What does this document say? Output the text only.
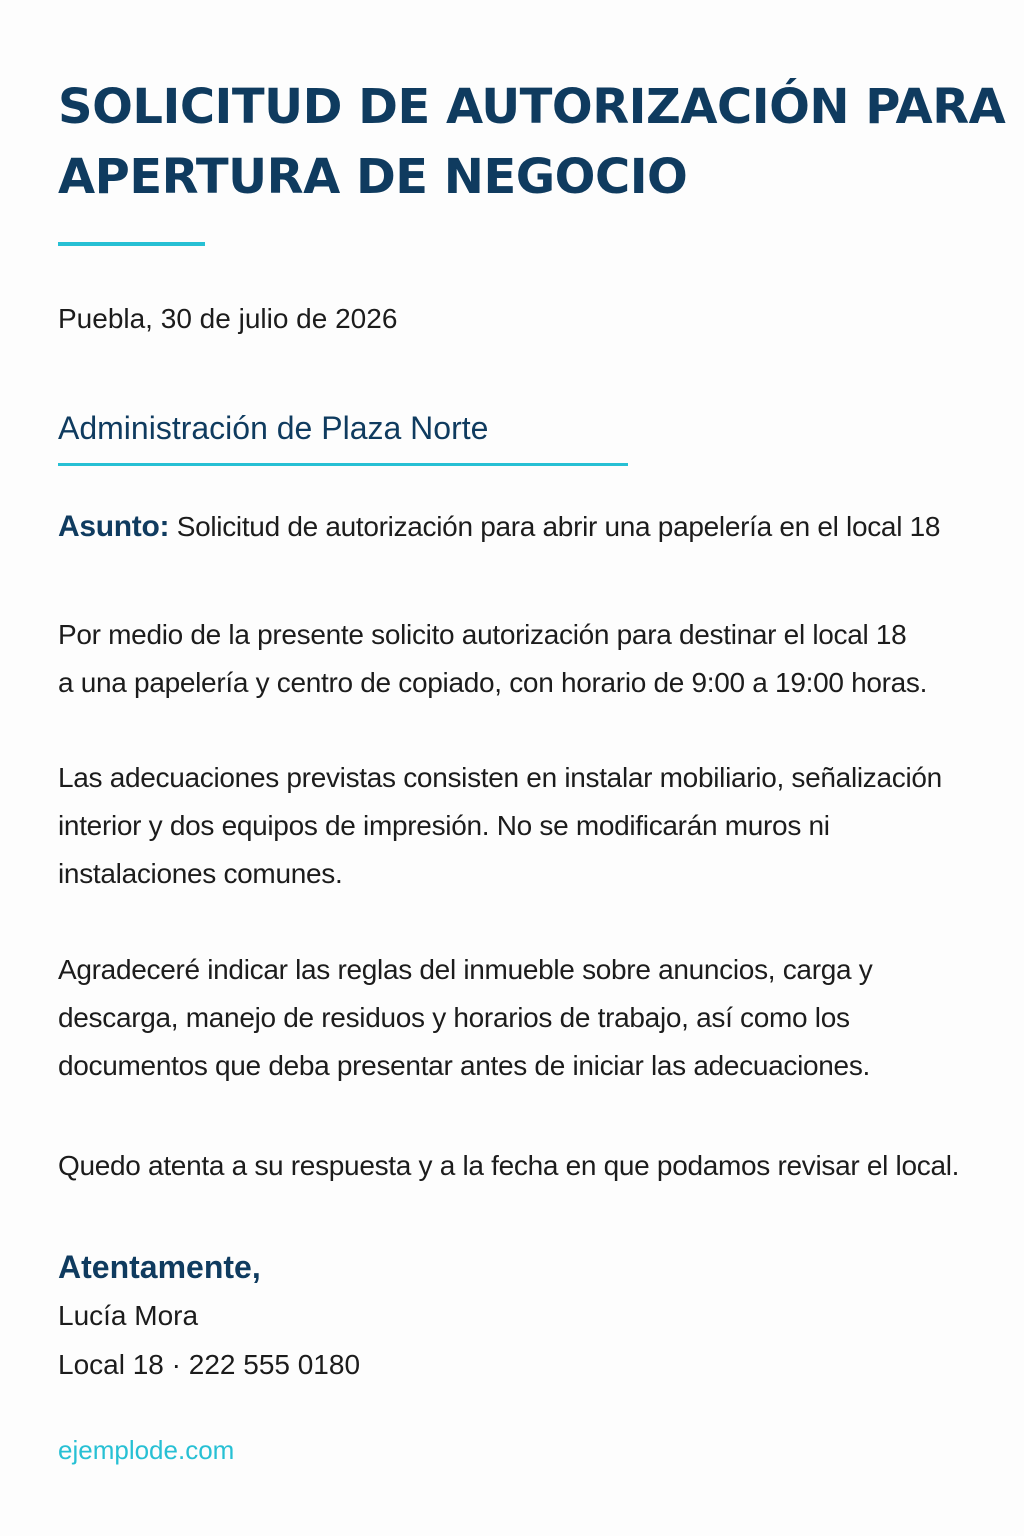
SOLICITUD DE AUTORIZACIÓN PARA
APERTURA DE NEGOCIO
Puebla, 30 de julio de 2026
Administración de Plaza Norte
Asunto: Solicitud de autorización para abrir una papelería en el local 18

Por medio de la presente solicito autorización para destinar el local 18
a una papelería y centro de copiado, con horario de 9:00 a 19:00 horas.

Las adecuaciones previstas consisten en instalar mobiliario, señalización
interior y dos equipos de impresión. No se modificarán muros ni
instalaciones comunes.

Agradeceré indicar las reglas del inmueble sobre anuncios, carga y
descarga, manejo de residuos y horarios de trabajo, así como los
documentos que deba presentar antes de iniciar las adecuaciones.

Quedo atenta a su respuesta y a la fecha en que podamos revisar el local.

Atentamente,
Lucía Mora
Local 18 · 222 555 0180
ejemplode.com
